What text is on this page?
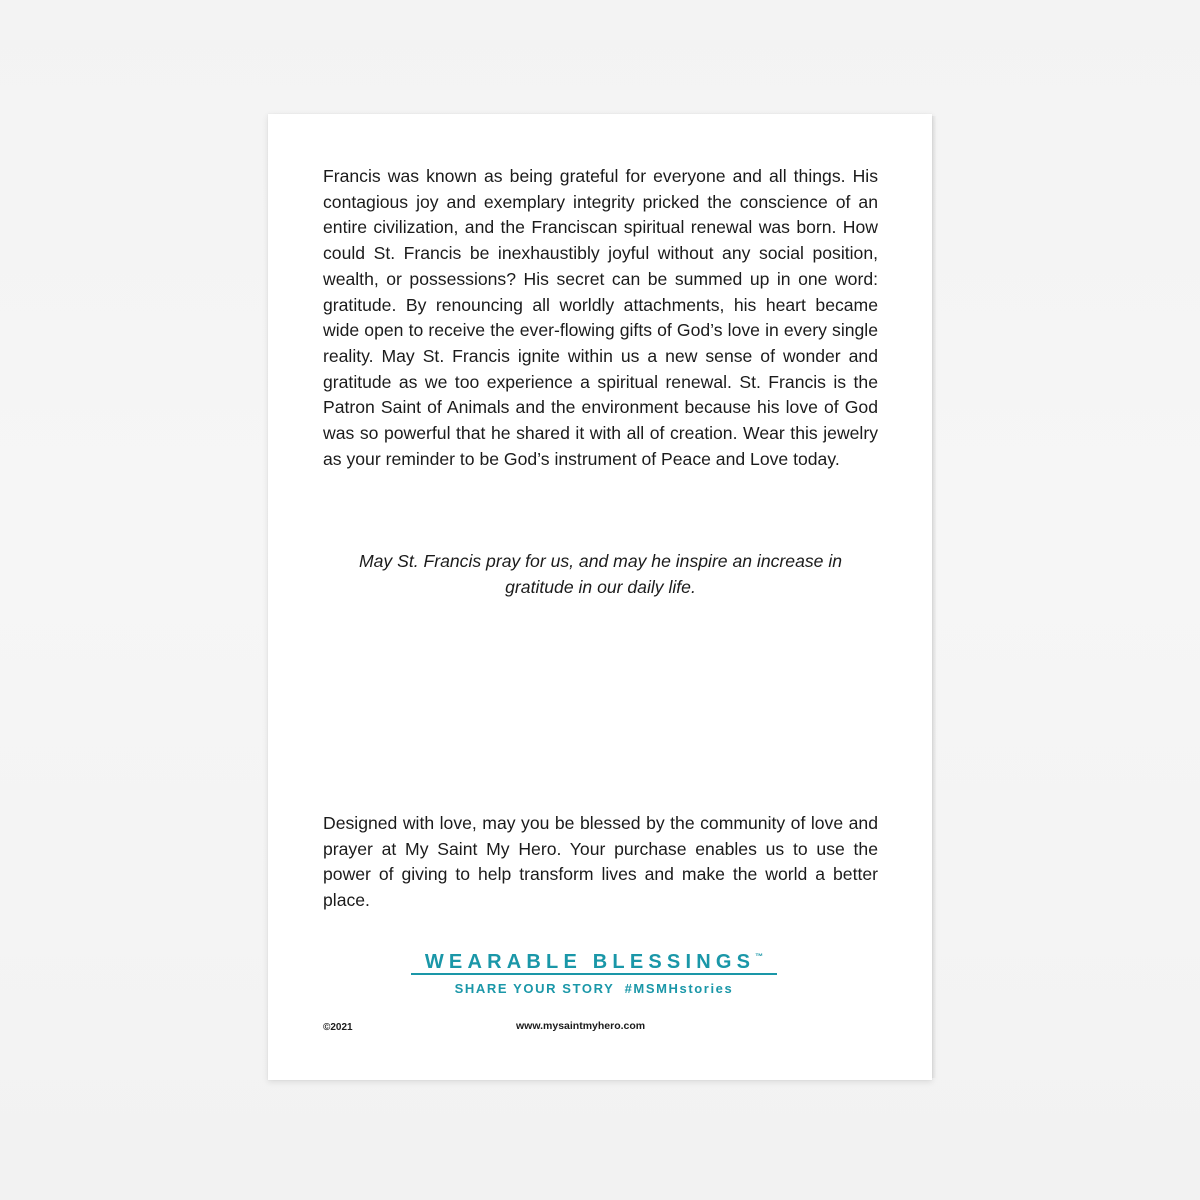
Francis was known as being grateful for everyone and all things. His contagious joy and exemplary integrity pricked the conscience of an entire civilization, and the Franciscan spiritual renewal was born. How could St. Francis be inexhaustibly joyful without any social position, wealth, or possessions? His secret can be summed up in one word: gratitude. By renouncing all worldly attachments, his heart became wide open to receive the ever-flowing gifts of God’s love in every single reality. May St. Francis ignite within us a new sense of wonder and gratitude as we too experience a spiritual renewal. St. Francis is the Patron Saint of Animals and the environment because his love of God was so powerful that he shared it with all of creation. Wear this jewelry as your reminder to be God’s instrument of Peace and Love today.

May St. Francis pray for us, and may he inspire an increase in gratitude in our daily life.

Designed with love, may you be blessed by the community of love and prayer at My Saint My Hero. Your purchase enables us to use the power of giving to help transform lives and make the world a better place.

WEARABLE BLESSINGS™
SHARE YOUR STORY  #MSMHstories
©2021	www.mysaintmyhero.com
